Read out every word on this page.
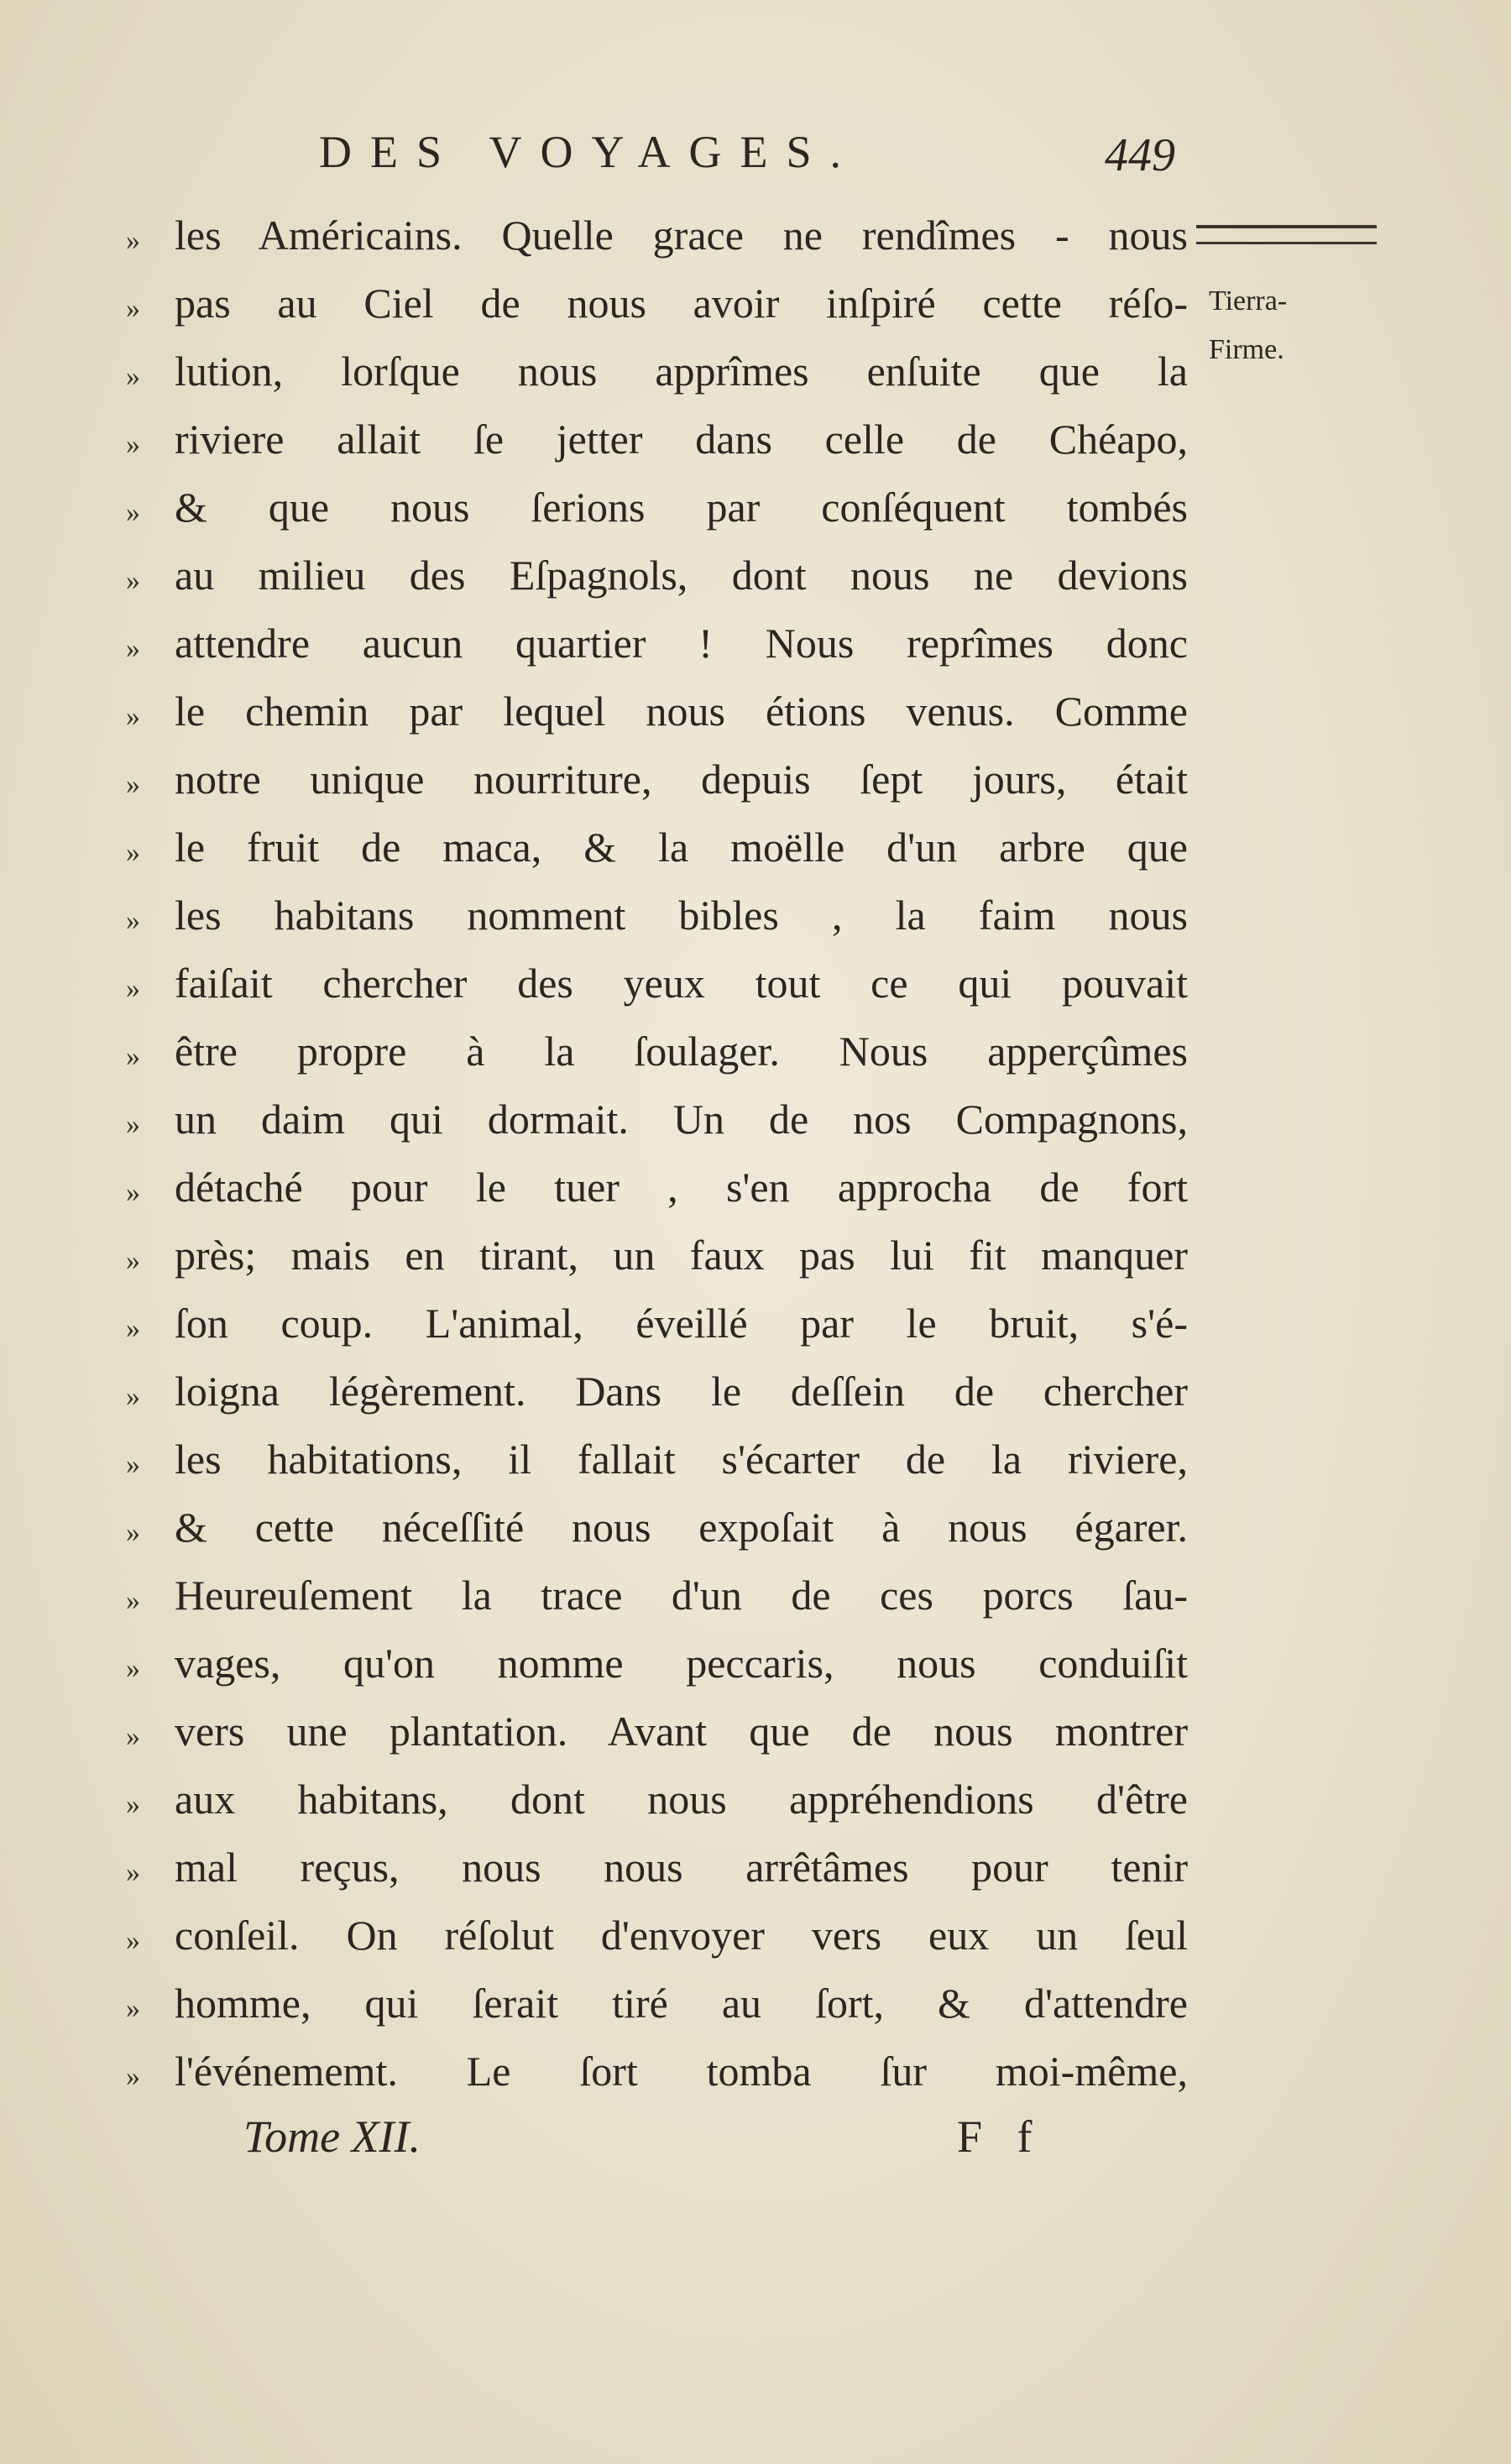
DES VOYAGES.	449
Tierra-
Firme.
» les Américains. Quelle grace ne rendîmes - nous
» pas au Ciel de nous avoir inſpiré cette réſo-
» lution, lorſque nous apprîmes enſuite que la
» riviere allait ſe jetter dans celle de Chéapo,
» & que nous ſerions par conſéquent tombés
» au milieu des Eſpagnols, dont nous ne devions
» attendre aucun quartier ! Nous reprîmes donc
» le chemin par lequel nous étions venus. Comme
» notre unique nourriture, depuis ſept jours, était
» le fruit de maca, & la moëlle d'un arbre que
» les habitans nomment bibles , la faim nous
» faiſait chercher des yeux tout ce qui pouvait
» être propre à la ſoulager. Nous apperçûmes
» un daim qui dormait. Un de nos Compagnons,
» détaché pour le tuer , s'en approcha de fort
» près; mais en tirant, un faux pas lui fit manquer
» ſon coup. L'animal, éveillé par le bruit, s'é-
» loigna légèrement. Dans le deſſein de chercher
» les habitations, il fallait s'écarter de la riviere,
» & cette néceſſité nous expoſait à nous égarer.
» Heureuſement la trace d'un de ces porcs ſau-
» vages, qu'on nomme peccaris, nous conduiſit
» vers une plantation. Avant que de nous montrer
» aux habitans, dont nous appréhendions d'être
» mal reçus, nous nous arrêtâmes pour tenir
» conſeil. On réſolut d'envoyer vers eux un ſeul
» homme, qui ſerait tiré au ſort, & d'attendre
» l'événememt. Le ſort tomba ſur moi-même,
Tome XII.	F f
